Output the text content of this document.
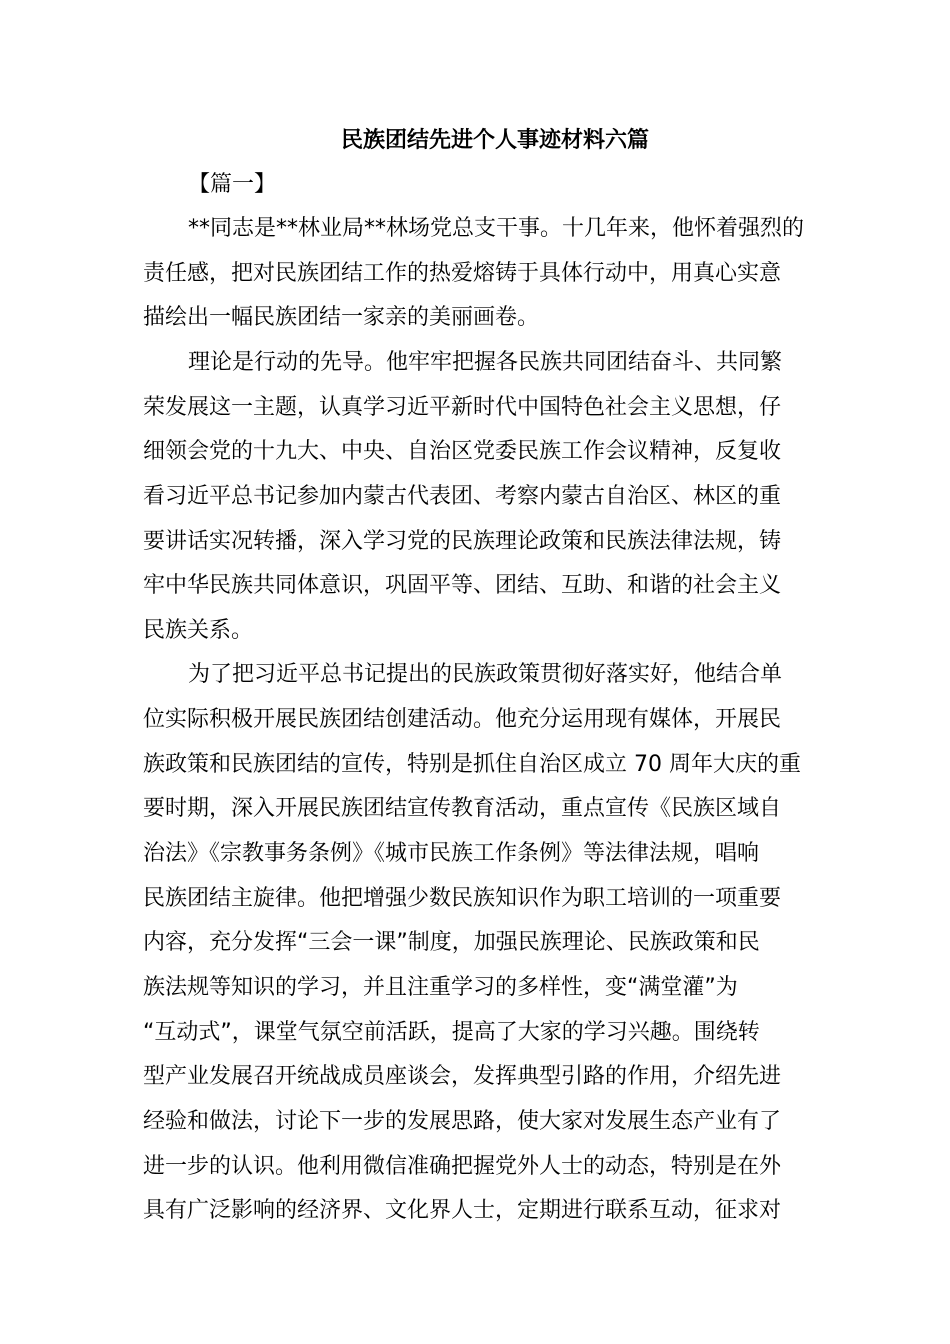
民族团结先进个人事迹材料六篇
【篇一】
**同志是**林业局**林场党总支干事。十几年来，他怀着强烈的
责任感，把对民族团结工作的热爱熔铸于具体行动中，用真心实意
描绘出一幅民族团结一家亲的美丽画卷。
理论是行动的先导。他牢牢把握各民族共同团结奋斗、共同繁
荣发展这一主题，认真学习近平新时代中国特色社会主义思想，仔
细领会党的十九大、中央、自治区党委民族工作会议精神，反复收
看习近平总书记参加内蒙古代表团、考察内蒙古自治区、林区的重
要讲话实况转播，深入学习党的民族理论政策和民族法律法规，铸
牢中华民族共同体意识，巩固平等、团结、互助、和谐的社会主义
民族关系。
为了把习近平总书记提出的民族政策贯彻好落实好，他结合单
位实际积极开展民族团结创建活动。他充分运用现有媒体，开展民
族政策和民族团结的宣传，特别是抓住自治区成立 70 周年大庆的重
要时期，深入开展民族团结宣传教育活动，重点宣传《民族区域自
治法》《宗教事务条例》《城市民族工作条例》等法律法规，唱响
民族团结主旋律。他把增强少数民族知识作为职工培训的一项重要
内容，充分发挥“三会一课”制度，加强民族理论、民族政策和民
族法规等知识的学习，并且注重学习的多样性，变“满堂灌”为
“互动式”，课堂气氛空前活跃，提高了大家的学习兴趣。围绕转
型产业发展召开统战成员座谈会，发挥典型引路的作用，介绍先进
经验和做法，讨论下一步的发展思路，使大家对发展生态产业有了
进一步的认识。他利用微信准确把握党外人士的动态，特别是在外
具有广泛影响的经济界、文化界人士，定期进行联系互动，征求对
